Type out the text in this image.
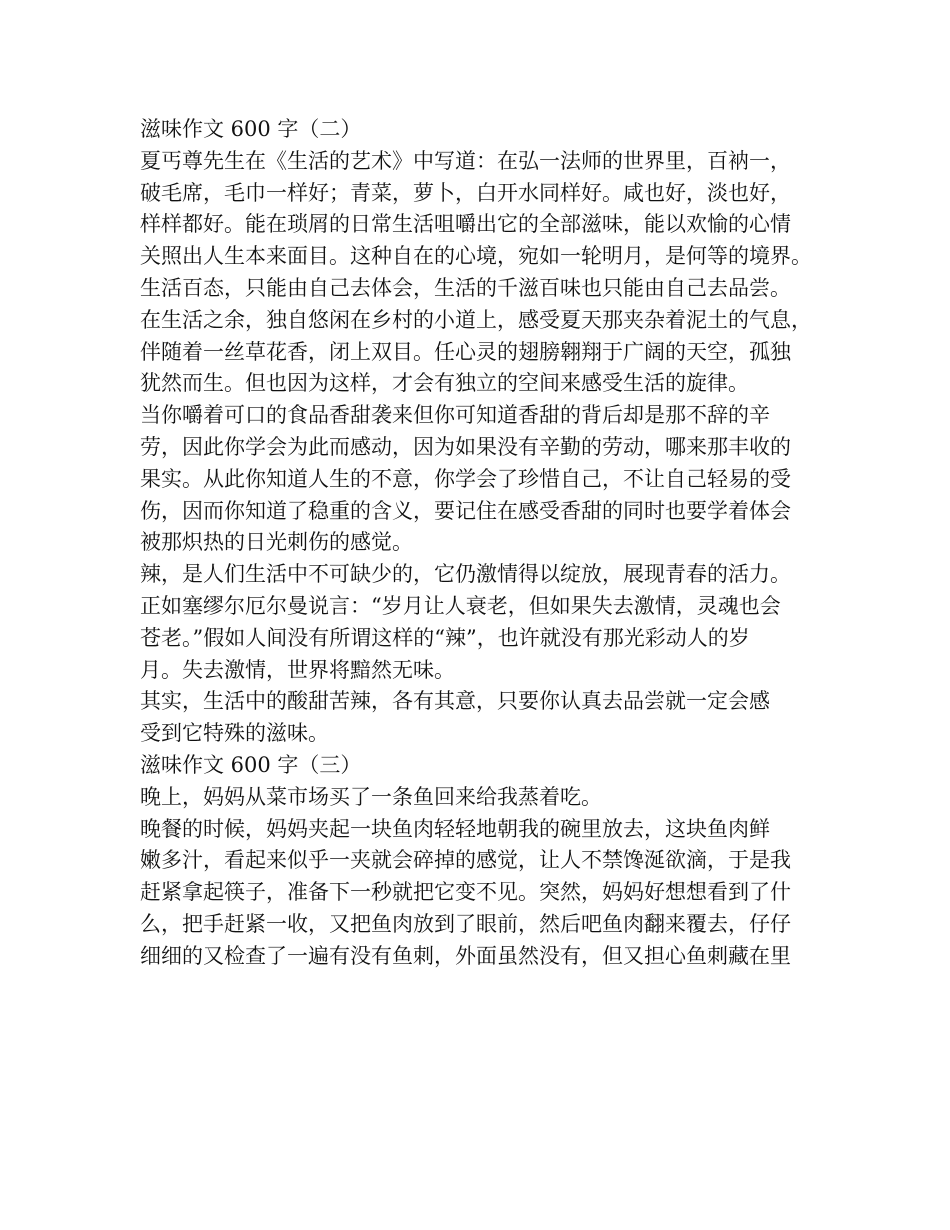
滋味作文 600 字（二）
夏丐尊先生在《生活的艺术》中写道：在弘一法师的世界里，百衲一，
破毛席，毛巾一样好；青菜，萝卜，白开水同样好。咸也好，淡也好，
样样都好。能在琐屑的日常生活咀嚼出它的全部滋味，能以欢愉的心情
关照出人生本来面目。这种自在的心境，宛如一轮明月，是何等的境界。
生活百态，只能由自己去体会，生活的千滋百味也只能由自己去品尝。
在生活之余，独自悠闲在乡村的小道上，感受夏天那夹杂着泥土的气息，
伴随着一丝草花香，闭上双目。任心灵的翅膀翱翔于广阔的天空，孤独
犹然而生。但也因为这样，才会有独立的空间来感受生活的旋律。
当你嚼着可口的食品香甜袭来但你可知道香甜的背后却是那不辞的辛
劳，因此你学会为此而感动，因为如果没有辛勤的劳动，哪来那丰收的
果实。从此你知道人生的不意，你学会了珍惜自己，不让自己轻易的受
伤，因而你知道了稳重的含义，要记住在感受香甜的同时也要学着体会
被那炽热的日光刺伤的感觉。
辣，是人们生活中不可缺少的，它仍激情得以绽放，展现青春的活力。
正如塞缪尔厄尔曼说言：“岁月让人衰老，但如果失去激情，灵魂也会
苍老。”假如人间没有所谓这样的“辣”，也许就没有那光彩动人的岁
月。失去激情，世界将黯然无味。
其实，生活中的酸甜苦辣，各有其意，只要你认真去品尝就一定会感
受到它特殊的滋味。
滋味作文 600 字（三）
晚上，妈妈从菜市场买了一条鱼回来给我蒸着吃。
晚餐的时候，妈妈夹起一块鱼肉轻轻地朝我的碗里放去，这块鱼肉鲜
嫩多汁，看起来似乎一夹就会碎掉的感觉，让人不禁馋涎欲滴，于是我
赶紧拿起筷子，准备下一秒就把它变不见。突然，妈妈好想想看到了什
么，把手赶紧一收，又把鱼肉放到了眼前，然后吧鱼肉翻来覆去，仔仔
细细的又检查了一遍有没有鱼刺，外面虽然没有，但又担心鱼刺藏在里
